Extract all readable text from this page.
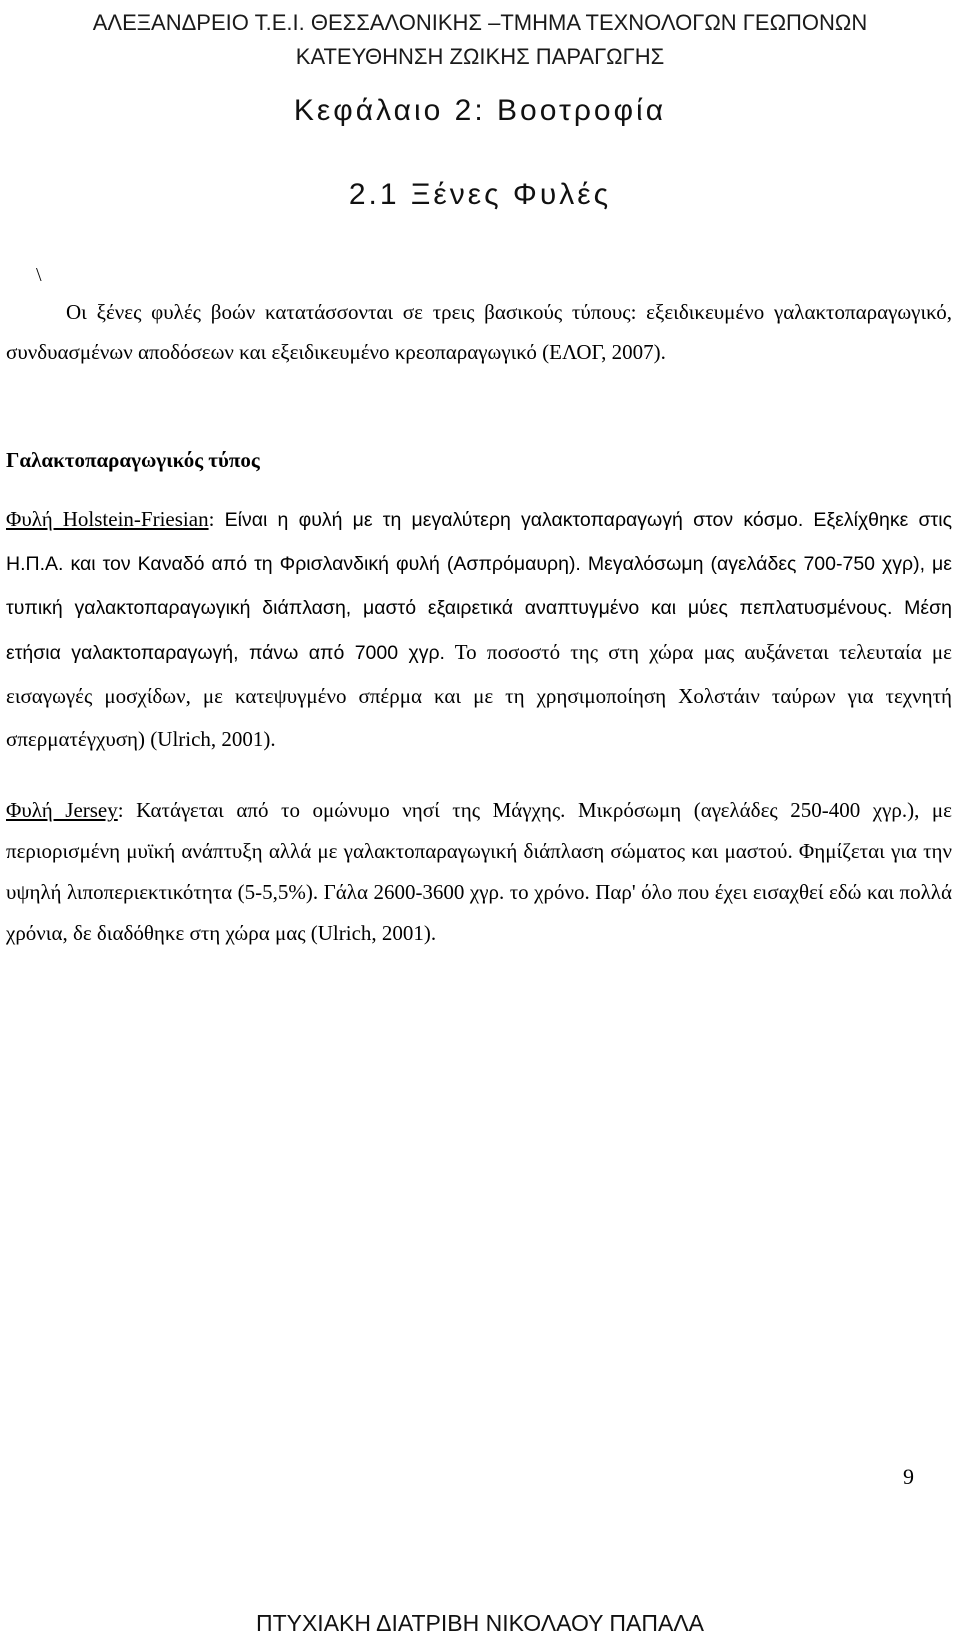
ΑΛΕΞΑΝΔΡΕΙΟ Τ.Ε.Ι. ΘΕΣΣΑΛΟΝΙΚΗΣ –ΤΜΗΜΑ ΤΕΧΝΟΛΟΓΩΝ ΓΕΩΠΟΝΩΝ
ΚΑΤΕΥΘΗΝΣΗ ΖΩΙΚΗΣ ΠΑΡΑΓΩΓΗΣ
Κεφάλαιο 2: Βοοτροφία
2.1 Ξένες Φυλές
\

Οι ξένες φυλές βοών κατατάσσονται σε τρεις βασικούς τύπους: εξειδικευμένο γαλακτοπαραγωγικό, συνδυασμένων αποδόσεων και εξειδικευμένο κρεοπαραγωγικό (ΕΛΟΓ, 2007).

Γαλακτοπαραγωγικός τύπος

Φυλή Holstein-Friesian: Είναι η φυλή με τη μεγαλύτερη γαλακτοπαραγωγή στον κόσμο. Εξελίχθηκε στις Η.Π.Α. και τον Καναδό από τη Φρισλανδική φυλή (Ασπρόμαυρη). Μεγαλόσωμη (αγελάδες 700-750 χγρ), με τυπική γαλακτοπαραγωγική διάπλαση, μαστό εξαιρετικά αναπτυγμένο και μύες πεπλατυσμένους. Μέση ετήσια γαλακτοπαραγωγή, πάνω από 7000 χγρ. Το ποσοστό της στη χώρα μας αυξάνεται τελευταία με εισαγωγές μοσχίδων, με κατεψυγμένο σπέρμα και με τη χρησιμοποίηση Χολστάιν ταύρων για τεχνητή σπερματέγχυση) (Ulrich, 2001).

Φυλή Jersey: Κατάγεται από το ομώνυμο νησί της Μάγχης. Μικρόσωμη (αγελάδες 250-400 χγρ.), με περιορισμένη μυϊκή ανάπτυξη αλλά με γαλακτοπαραγωγική διάπλαση σώματος και μαστού. Φημίζεται για την υψηλή λιποπεριεκτικότητα (5-5,5%). Γάλα 2600-3600 χγρ. το χρόνο. Παρ' όλο που έχει εισαχθεί εδώ και πολλά χρόνια, δε διαδόθηκε στη χώρα μας (Ulrich, 2001).

9
ΠΤΥΧΙΑΚΗ ΔΙΑΤΡΙΒΗ ΝΙΚΟΛΑΟΥ ΠΑΠΑΛΑ
